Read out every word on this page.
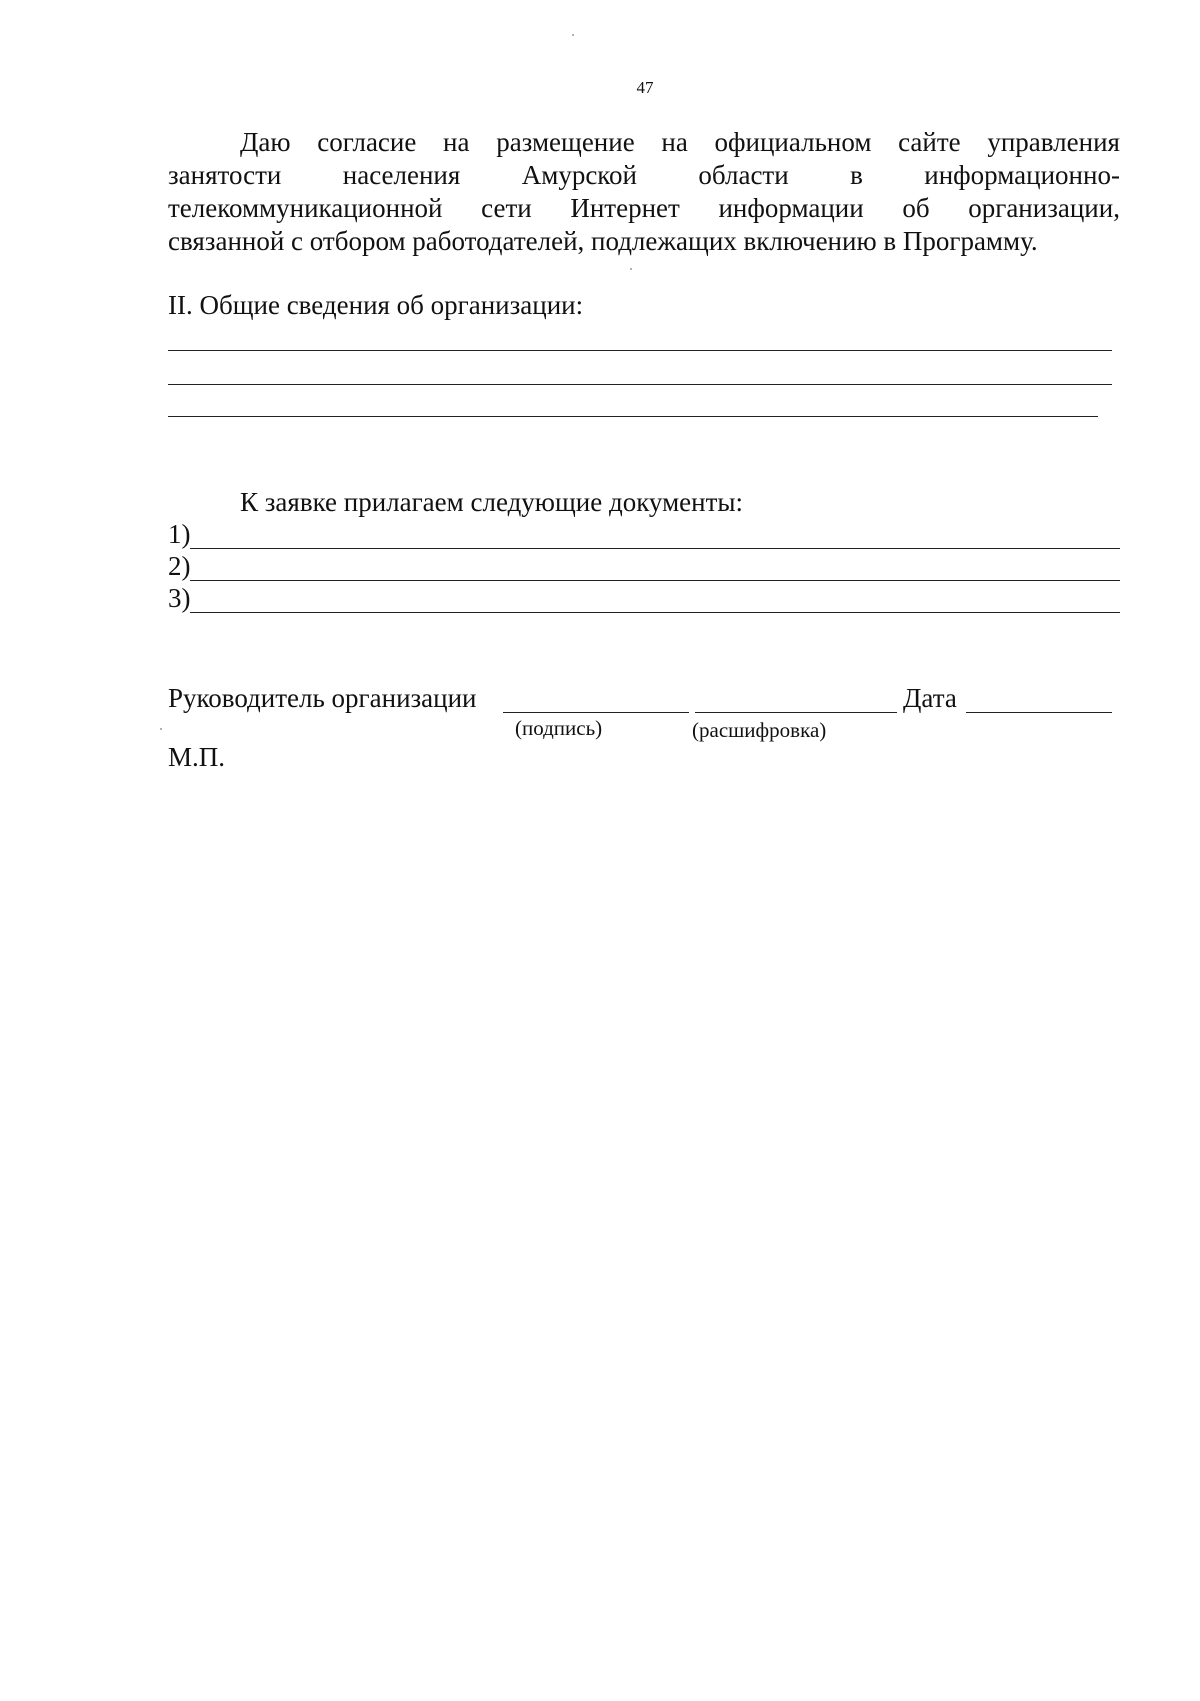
47
Даю согласие на размещение на официальном сайте управления
занятости населения Амурской области в информационно-
телекоммуникационной сети Интернет информации об организации,
связанной с отбором работодателей, подлежащих включению в Программу.
II. Общие сведения об организации:
К заявке прилагаем следующие документы:
1)
2)
3)
Руководитель организации	Дата
(подпись)	(расшифровка)
М.П.
